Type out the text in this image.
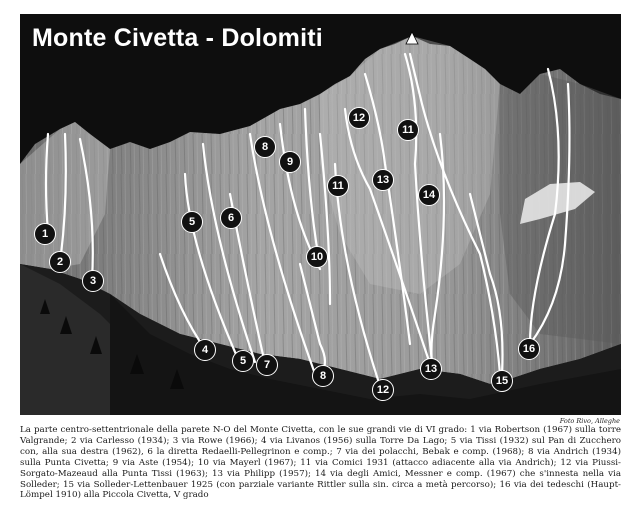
Monte Civetta - Dolomiti
1
2
3
4
5	6
5	7
8
9
10
11
12
11
13
14
8
12
13
15
16
Foto Rivo, Alleghe

La parte centro-settentrionale della parete N-O del Monte Civetta, con le sue grandi vie di VI grado: 1 via Robertson (1967) sulla torre Valgrande; 2 via Carlesso (1934); 3 via Rowe (1966); 4 via Livanos (1956) sulla Torre Da Lago; 5 via Tissi (1932) sul Pan di Zucchero con, alla sua destra (1962), 6 la diretta Redaelli-Pellegrinon e comp.; 7 via dei polacchi, Bebak e comp. (1968); 8 via Andrich (1934) sulla Punta Civetta; 9 via Aste (1954); 10 via Mayerl (1967); 11 via Comici 1931 (attacco adiacente alla via Andrich); 12 via Piussi-Sorgato-Mazeaud alla Punta Tissi (1963); 13 via Philipp (1957); 14 via degli Amici, Messner e comp. (1967) che s'innesta nella via Solleder; 15 via Solleder-Lettenbauer 1925 (con parziale variante Rittler sulla sin. circa a metà percorso); 16 via dei tedeschi (Haupt-Lömpel 1910) alla Piccola Civetta, V grado
